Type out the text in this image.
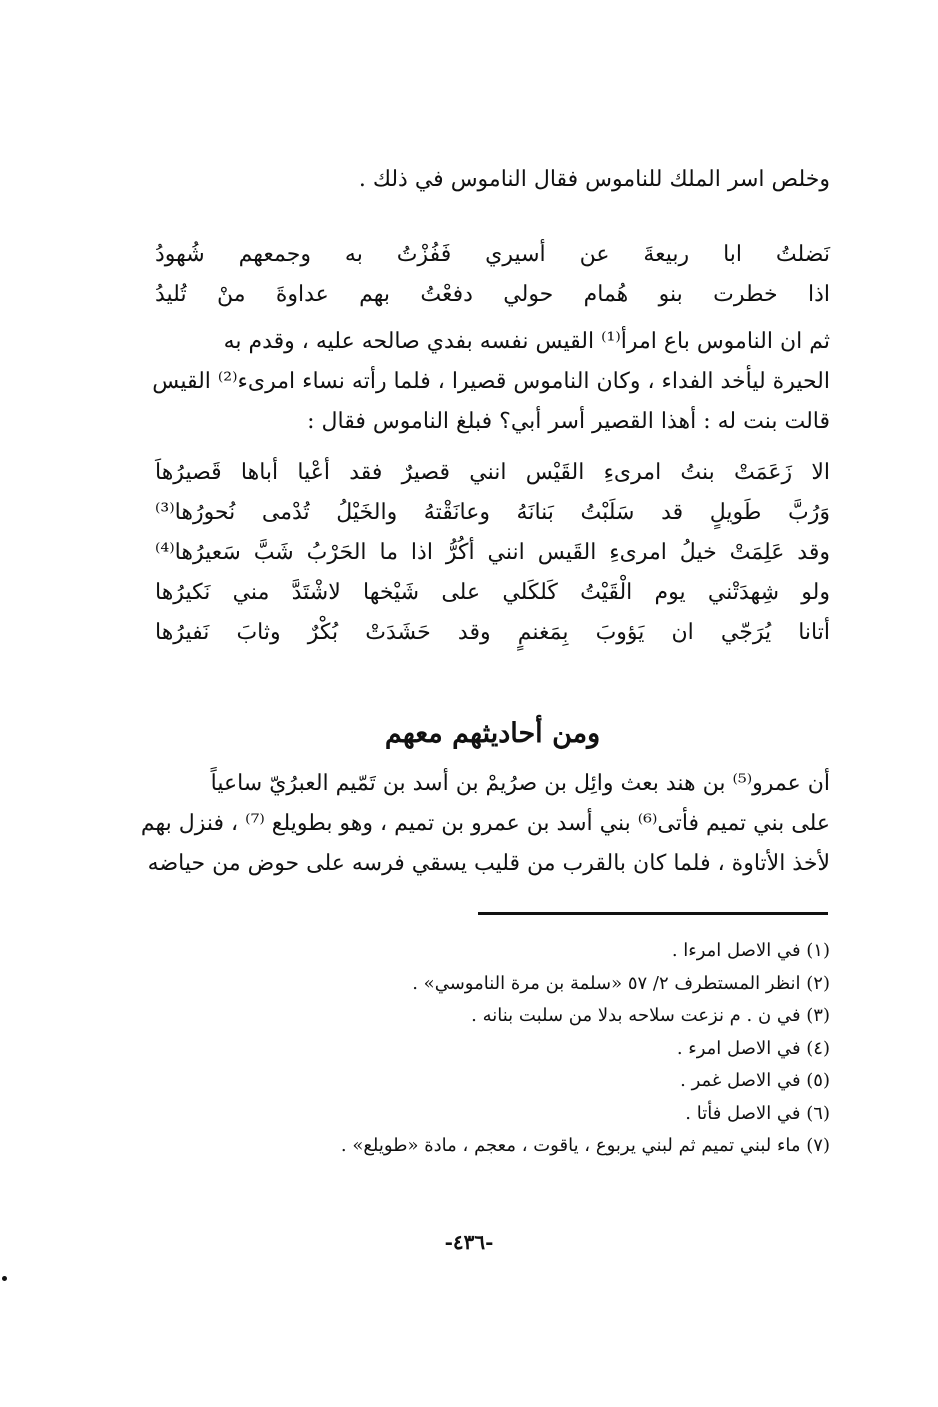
وخلص اسر الملك للناموس فقال الناموس في ذلك .
نَضلتُ ابا ربيعةَ عن أسيري فَفُزْتُ به وجمعهم شُهودُ
اذا خطرت بنو هُمام حولي دفعْتُ بهم عداوةَ منْ تُليدُ
ثم ان الناموس باع امرأ⁽¹⁾ القيس نفسه بفدي صالحه عليه ، وقدم به
الحيرة ليأخد الفداء ، وكان الناموس قصيرا ، فلما رأته نساء امرىء⁽²⁾ القيس
قالت بنت له : أهذا القصير أسر أبي؟ فبلغ الناموس فقال :
الا زَعَمَتْ بنتُ امرىءِ القَيْس انني قصيرٌ فقد أعْيا أباها قَصيرُهاَ
وَرُبَّ طَويلٍ قد سَلَبْتُ بَنانَهُ وعانَقْتهُ والخَيْلُ تُدْمى نُحورُها⁽³⁾
وقد عَلِمَتْ خيلُ امرىءِ القَيس انني أكُرُّ اذا ما الحَرْبُ شَبَّ سَعيرُها⁽⁴⁾
ولو شِهدَتْني يوم الْقَيْتُ كَلكَلي على شَيْخها لاشْتَدَّ مني نَكيرُها
أتانا يُرَجّي ان يَؤوبَ بِمَغنمٍ وقد حَشَدَتْ بُكْرٌ وثابَ نَفيرُها
ومن أحاديثهم معهم
أن عمرو⁽⁵⁾ بن هند بعث وائِل بن صرُيمْ بن أسد بن تَمّيم العبرُيّ ساعياً
على بني تميم فأتى⁽⁶⁾ بني أسد بن عمرو بن تميم ، وهو بطويلع ⁽⁷⁾ ، فنزل بهم
لأخذ الأتاوة ، فلما كان بالقرب من قليب يسقي فرسه على حوض من حياضه
(١) في الاصل امرءا .
(٢) انظر المستطرف ٢/ ٥٧ «سلمة بن مرة الناموسي» .
(٣) في ن . م نزعت سلاحه بدلا من سلبت بنانه .
(٤) في الاصل امرء .
(٥) في الاصل غمر .
(٦) في الاصل فأتا .
(٧) ماء لبني تميم ثم لبني يربوع ، ياقوت ، معجم ، مادة «طويلع» .
-٤٣٦-
